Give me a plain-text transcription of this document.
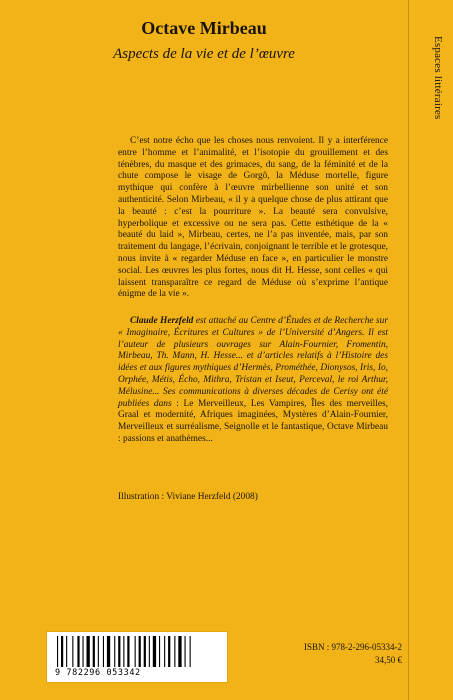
Espaces littéraires
Octave Mirbeau
Aspects de la vie et de l’œuvre

C’est notre écho que les choses nous renvoient. Il y a interférence entre l’homme et l’animalité, et l’isotopie du grouillement et des ténèbres, du masque et des grimaces, du sang, de la féminité et de la chute compose le visage de Gorgô, la Méduse mortelle, figure mythique qui confère à l’œuvre mirbellienne son unité et son authenticité. Selon Mirbeau, « il y a quelque chose de plus attirant que la beauté : c’est la pourriture ». La beauté sera convulsive, hyperbolique et excessive ou ne sera pas. Cette esthétique de la « beauté du laid », Mirbeau, certes, ne l’a pas inventée, mais, par son traitement du langage, l’écrivain, conjoignant le terrible et le grotesque, nous invite à « regarder Méduse en face », en particulier le monstre social. Les œuvres les plus fortes, nous dit H. Hesse, sont celles « qui laissent transparaître ce regard de Méduse où s’exprime l’antique énigme de la vie ».

Claude Herzfeld est attaché au Centre d’Études et de Recherche sur « Imaginaire, Écritures et Cultures » de l’Université d’Angers. Il est l’auteur de plusieurs ouvrages sur Alain-Fournier, Fromentin, Mirbeau, Th. Mann, H. Hesse... et d’articles relatifs à l’Histoire des idées et aux figures mythiques d’Hermès, Prométhée, Dionysos, Iris, Io, Orphée, Métis, Écho, Mithra, Tristan et Iseut, Perceval, le roi Arthur, Mélusine... Ses communications à diverses décades de Cerisy ont été publiées dans : Le Merveilleux, Les Vampires, Îles des merveilles, Graal et modernité, Afriques imaginées, Mystères d’Alain-Fournier, Merveilleux et surréalisme, Seignolle et le fantastique, Octave Mirbeau : passions et anathèmes...

Illustration : Viviane Herzfeld (2008)
9 782296 053342
ISBN : 978-2-296-05334-2
34,50 €
